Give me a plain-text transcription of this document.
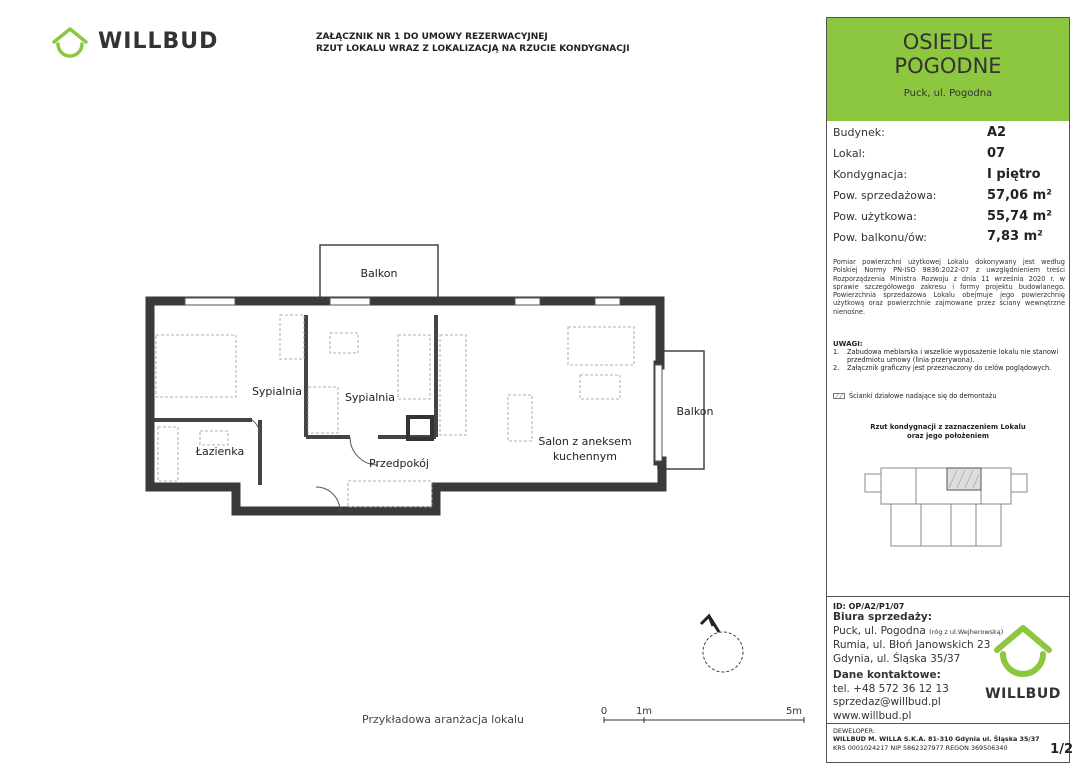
WILLBUD	ZAŁĄCZNIK NR 1 DO UMOWY REZERWACYJNEJ
RZUT LOKALU WRAZ Z LOKALIZACJĄ NA RZUCIE KONDYGNACJI
Balkon
Balkon
Sypialnia	Sypialnia
Łazienka
Przedpokój
Salon z aneksem
kuchennym
Przykładowa aranżacja lokalu
0	1m	5m
OSIEDLE
POGODNE
Puck, ul. Pogodna
Budynek:	A2
Lokal:	07
Kondygnacja:	I piętro
Pow. sprzedażowa:	57,06 m²
Pow. użytkowa:	55,74 m²
Pow. balkonu/ów:	7,83 m²
Pomiar powierzchni użytkowej Lokalu dokonywany jest według Polskiej Normy PN-ISO 9836:2022-07 z uwzględnieniem treści Rozporządzenia Ministra Rozwoju z dnia 11 września 2020 r. w sprawie szczegółowego zakresu i formy projektu budowlanego. Powierzchnia sprzedażowa Lokalu obejmuje jego powierzchnię użytkową oraz powierzchnie zajmowane przez ściany wewnętrzne nienośne.
UWAGI:
1.	Zabudowa meblarska i wszelkie wyposażenie lokalu nie stanowi przedmiotu umowy (linia przerywona).
2.	Załącznik graficzny jest przeznaczony do celów poglądowych.
Ścianki działowe nadające się do demontażu
Rzut kondygnacji z zaznaczeniem Lokalu
oraz jego położeniem
ID: OP/A2/P1/07
Biura sprzedaży:
Puck, ul. Pogodna (róg z ul.Wejherowską)
Rumia, ul. Błoń Janowskich 23
Gdynia, ul. Śląska 35/37
Dane kontaktowe:
tel. +48 572 36 12 13
sprzedaz@willbud.pl
www.willbud.pl
WILLBUD
DEWELOPER:
WILLBUD M. WILLA S.K.A. 81-310 Gdynia ul. Śląska 35/37
KRS 0001024217 NIP 5862327977 REGON 369506340	1/2
